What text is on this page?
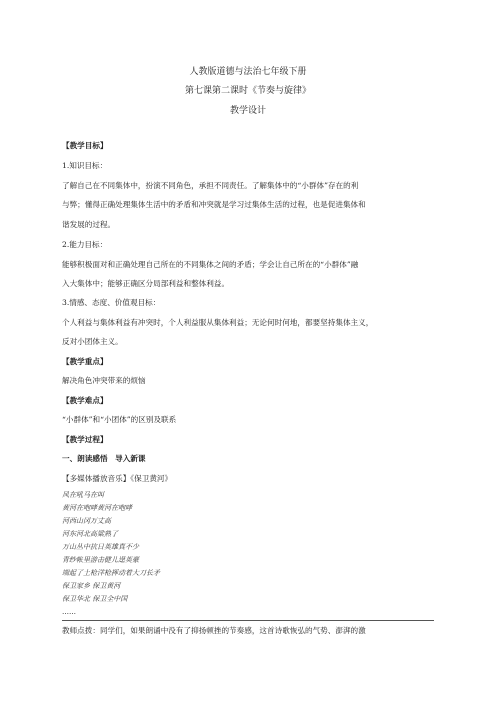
人教版道德与法治七年级下册
第七课第二课时《节奏与旋律》
教学设计
【教学目标】
1.知识目标：
了解自己在不同集体中，扮演不同角色，承担不同责任。了解集体中的“小群体”存在的利
与弊；懂得正确处理集体生活中的矛盾和冲突就是学习过集体生活的过程，也是促进集体和
谐发展的过程。
2.能力目标：
能够积极面对和正确处理自己所在的不同集体之间的矛盾；学会让自己所在的“小群体”融
入大集体中；能够正确区分局部利益和整体利益。
3.情感、态度、价值观目标：
个人利益与集体利益有冲突时，个人利益服从集体利益；无论何时何地，都要坚持集体主义，
反对小团体主义。
【教学重点】
解决角色冲突带来的烦恼
【教学难点】
“小群体”和“小团体”的区别及联系
【教学过程】
一、朗读感悟　导入新课
【多媒体播放音乐】《保卫黄河》
风在吼马在叫
黄河在咆哮黄河在咆哮
河西山冈万丈高
河东河北高粱熟了
万山丛中抗日英雄真不少
青纱帐里游击健儿逞英豪
端起了土枪洋枪挥动着大刀长矛
保卫家乡 保卫黄河
保卫华北 保卫全中国
……
教师点拨：同学们，如果朗诵中没有了抑扬顿挫的节奏感，这首诗歌恢弘的气势、澎湃的激
